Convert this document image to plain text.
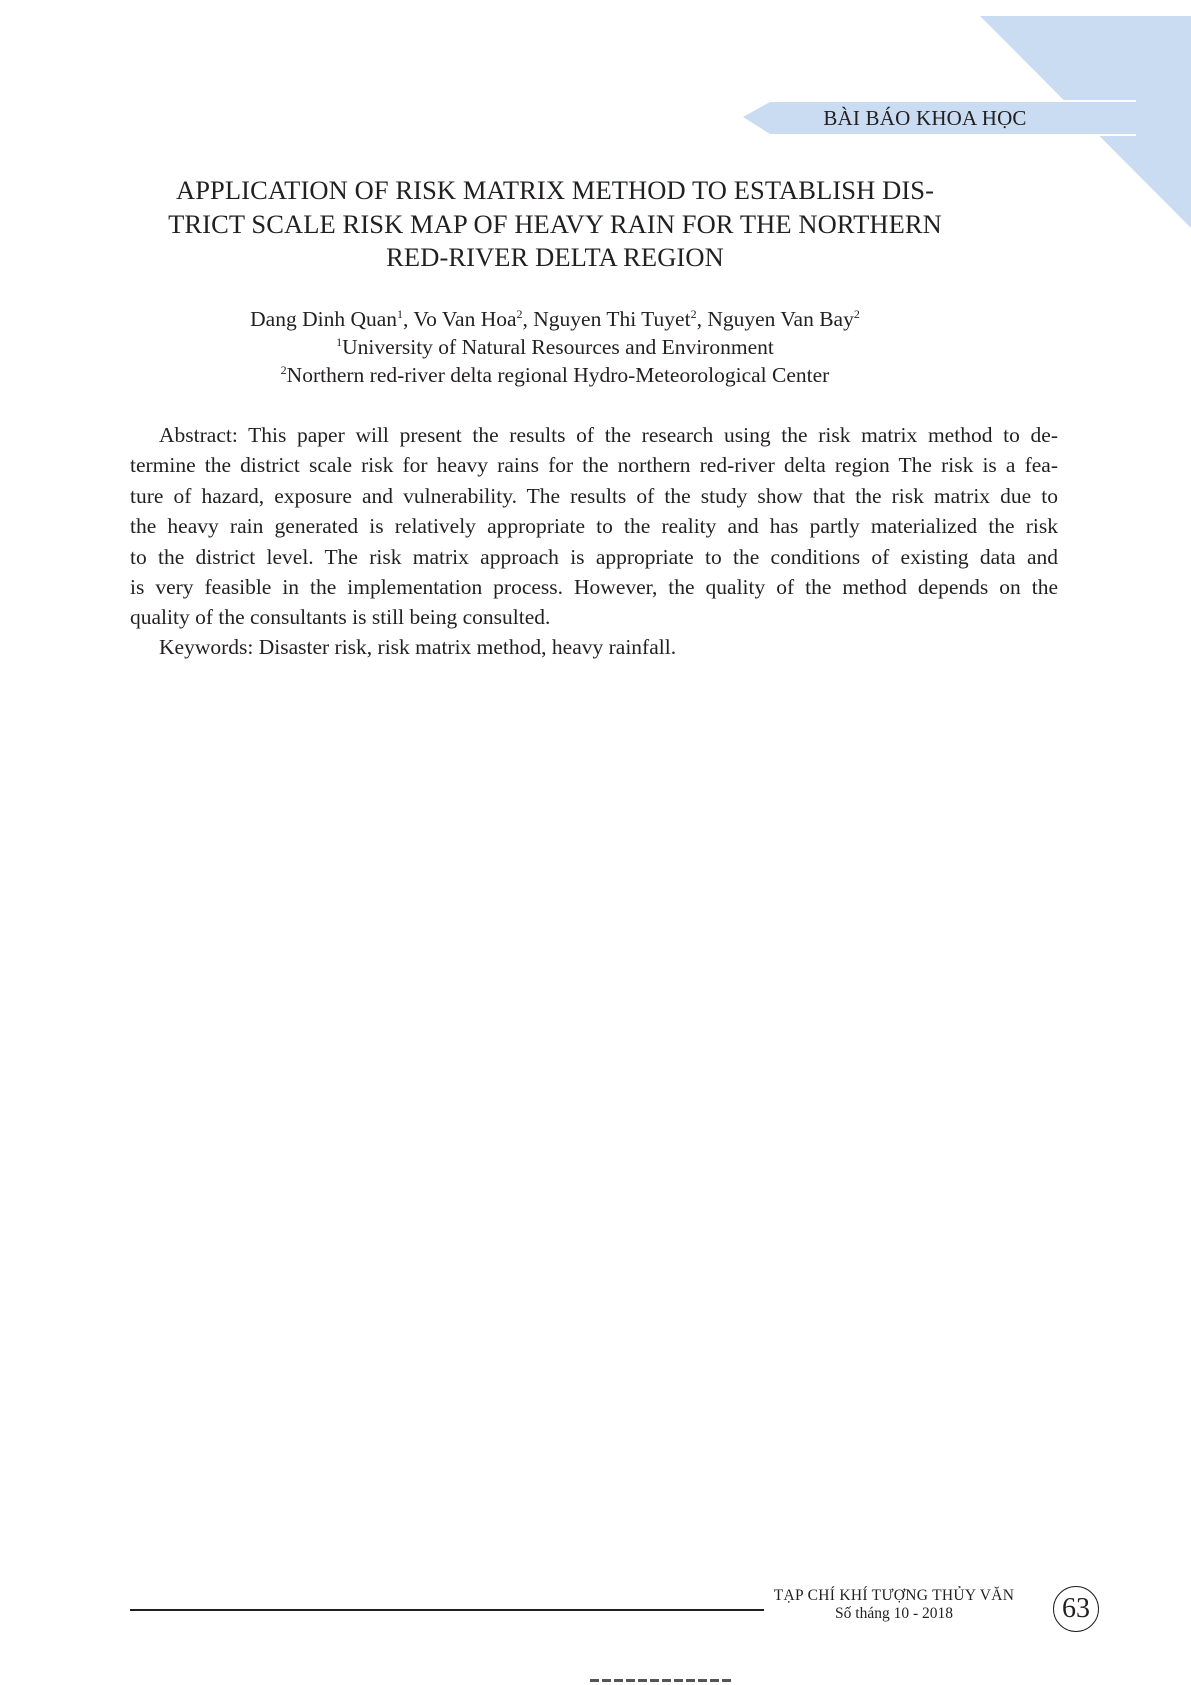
BÀI BÁO KHOA HỌC
APPLICATION OF RISK MATRIX METHOD TO ESTABLISH DIS-
TRICT SCALE RISK MAP OF HEAVY RAIN FOR THE NORTHERN
RED-RIVER DELTA REGION
Dang Dinh Quan$^1$, Vo Van Hoa$^2$, Nguyen Thi Tuyet$^2$, Nguyen Van Bay$^2$
$^1$University of Natural Resources and Environment
$^2$Northern red-river delta regional Hydro-Meteorological Center
Abstract: This paper will present the results of the research using the risk matrix method to de-
termine the district scale risk for heavy rains for the northern red-river delta region The risk is a fea-
ture of hazard, exposure and vulnerability. The results of the study show that the risk matrix due to
the heavy rain generated is relatively appropriate to the reality and has partly materialized the risk
to the district level. The risk matrix approach is appropriate to the conditions of existing data and
is very feasible in the implementation process. However, the quality of the method depends on the
quality of the consultants is still being consulted.
Keywords: Disaster risk, risk matrix method, heavy rainfall.
TẠP CHÍ KHÍ TƯỢNG THỦY VĂN
Số tháng 10 - 2018	63
